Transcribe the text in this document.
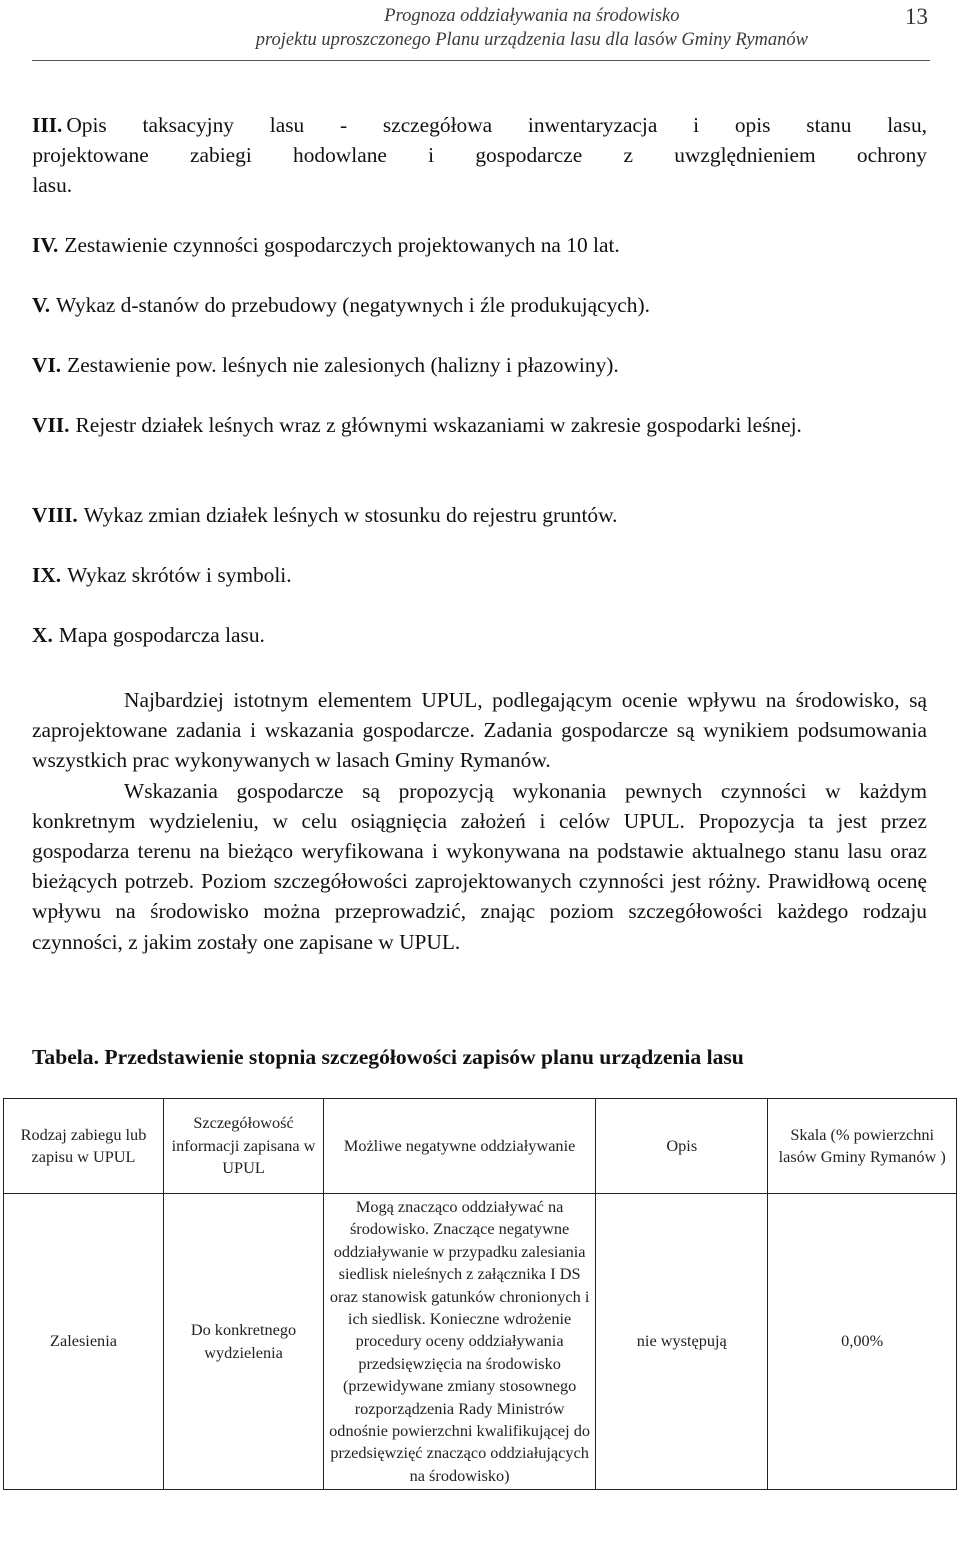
Prognoza oddziaływania na środowisko
projektu uproszczonego Planu urządzenia lasu dla lasów Gminy Rymanów
13
III. Opis taksacyjny lasu - szczegółowa inwentaryzacja i opis stanu lasu,
projektowane zabiegi hodowlane i gospodarcze z uwzględnieniem ochrony
lasu.
IV. Zestawienie czynności gospodarczych projektowanych na 10 lat.
V. Wykaz d-stanów do przebudowy (negatywnych i źle produkujących).
VI. Zestawienie pow. leśnych nie zalesionych (halizny i płazowiny).
VII. Rejestr działek leśnych wraz z głównymi wskazaniami w zakresie gospodarki leśnej.
VIII. Wykaz zmian działek leśnych w stosunku do rejestru gruntów.
IX. Wykaz skrótów i symboli.
X. Mapa gospodarcza lasu.

Najbardziej istotnym elementem UPUL, podlegającym ocenie wpływu na środowisko, są zaprojektowane zadania i wskazania gospodarcze. Zadania gospodarcze są wynikiem podsumowania wszystkich prac wykonywanych w lasach Gminy Rymanów.

Wskazania gospodarcze są propozycją wykonania pewnych czynności w każdym konkretnym wydzieleniu, w celu osiągnięcia założeń i celów UPUL. Propozycja ta jest przez gospodarza terenu na bieżąco weryfikowana i wykonywana na podstawie aktualnego stanu lasu oraz bieżących potrzeb. Poziom szczegółowości zaprojektowanych czynności jest różny. Prawidłową ocenę wpływu na środowisko można przeprowadzić, znając poziom szczegółowości każdego rodzaju czynności, z jakim zostały one zapisane w UPUL.

Tabela. Przedstawienie stopnia szczegółowości zapisów planu urządzenia lasu
Rodzaj zabiegu lub zapisu w UPUL	Szczegółowość informacji zapisana w UPUL	Możliwe negatywne oddziaływanie	Opis	Skala (% powierzchni lasów Gminy Rymanów )
Zalesienia	Do konkretnego wydzielenia	Mogą znacząco oddziaływać na środowisko. Znaczące negatywne oddziaływanie w przypadku zalesiania siedlisk nieleśnych z załącznika I DS oraz stanowisk gatunków chronionych i ich siedlisk. Konieczne wdrożenie procedury oceny oddziaływania przedsięwzięcia na środowisko (przewidywane zmiany stosownego rozporządzenia Rady Ministrów odnośnie powierzchni kwalifikującej do przedsięwzięć znacząco oddziałujących na środowisko)	nie występują	0,00%
